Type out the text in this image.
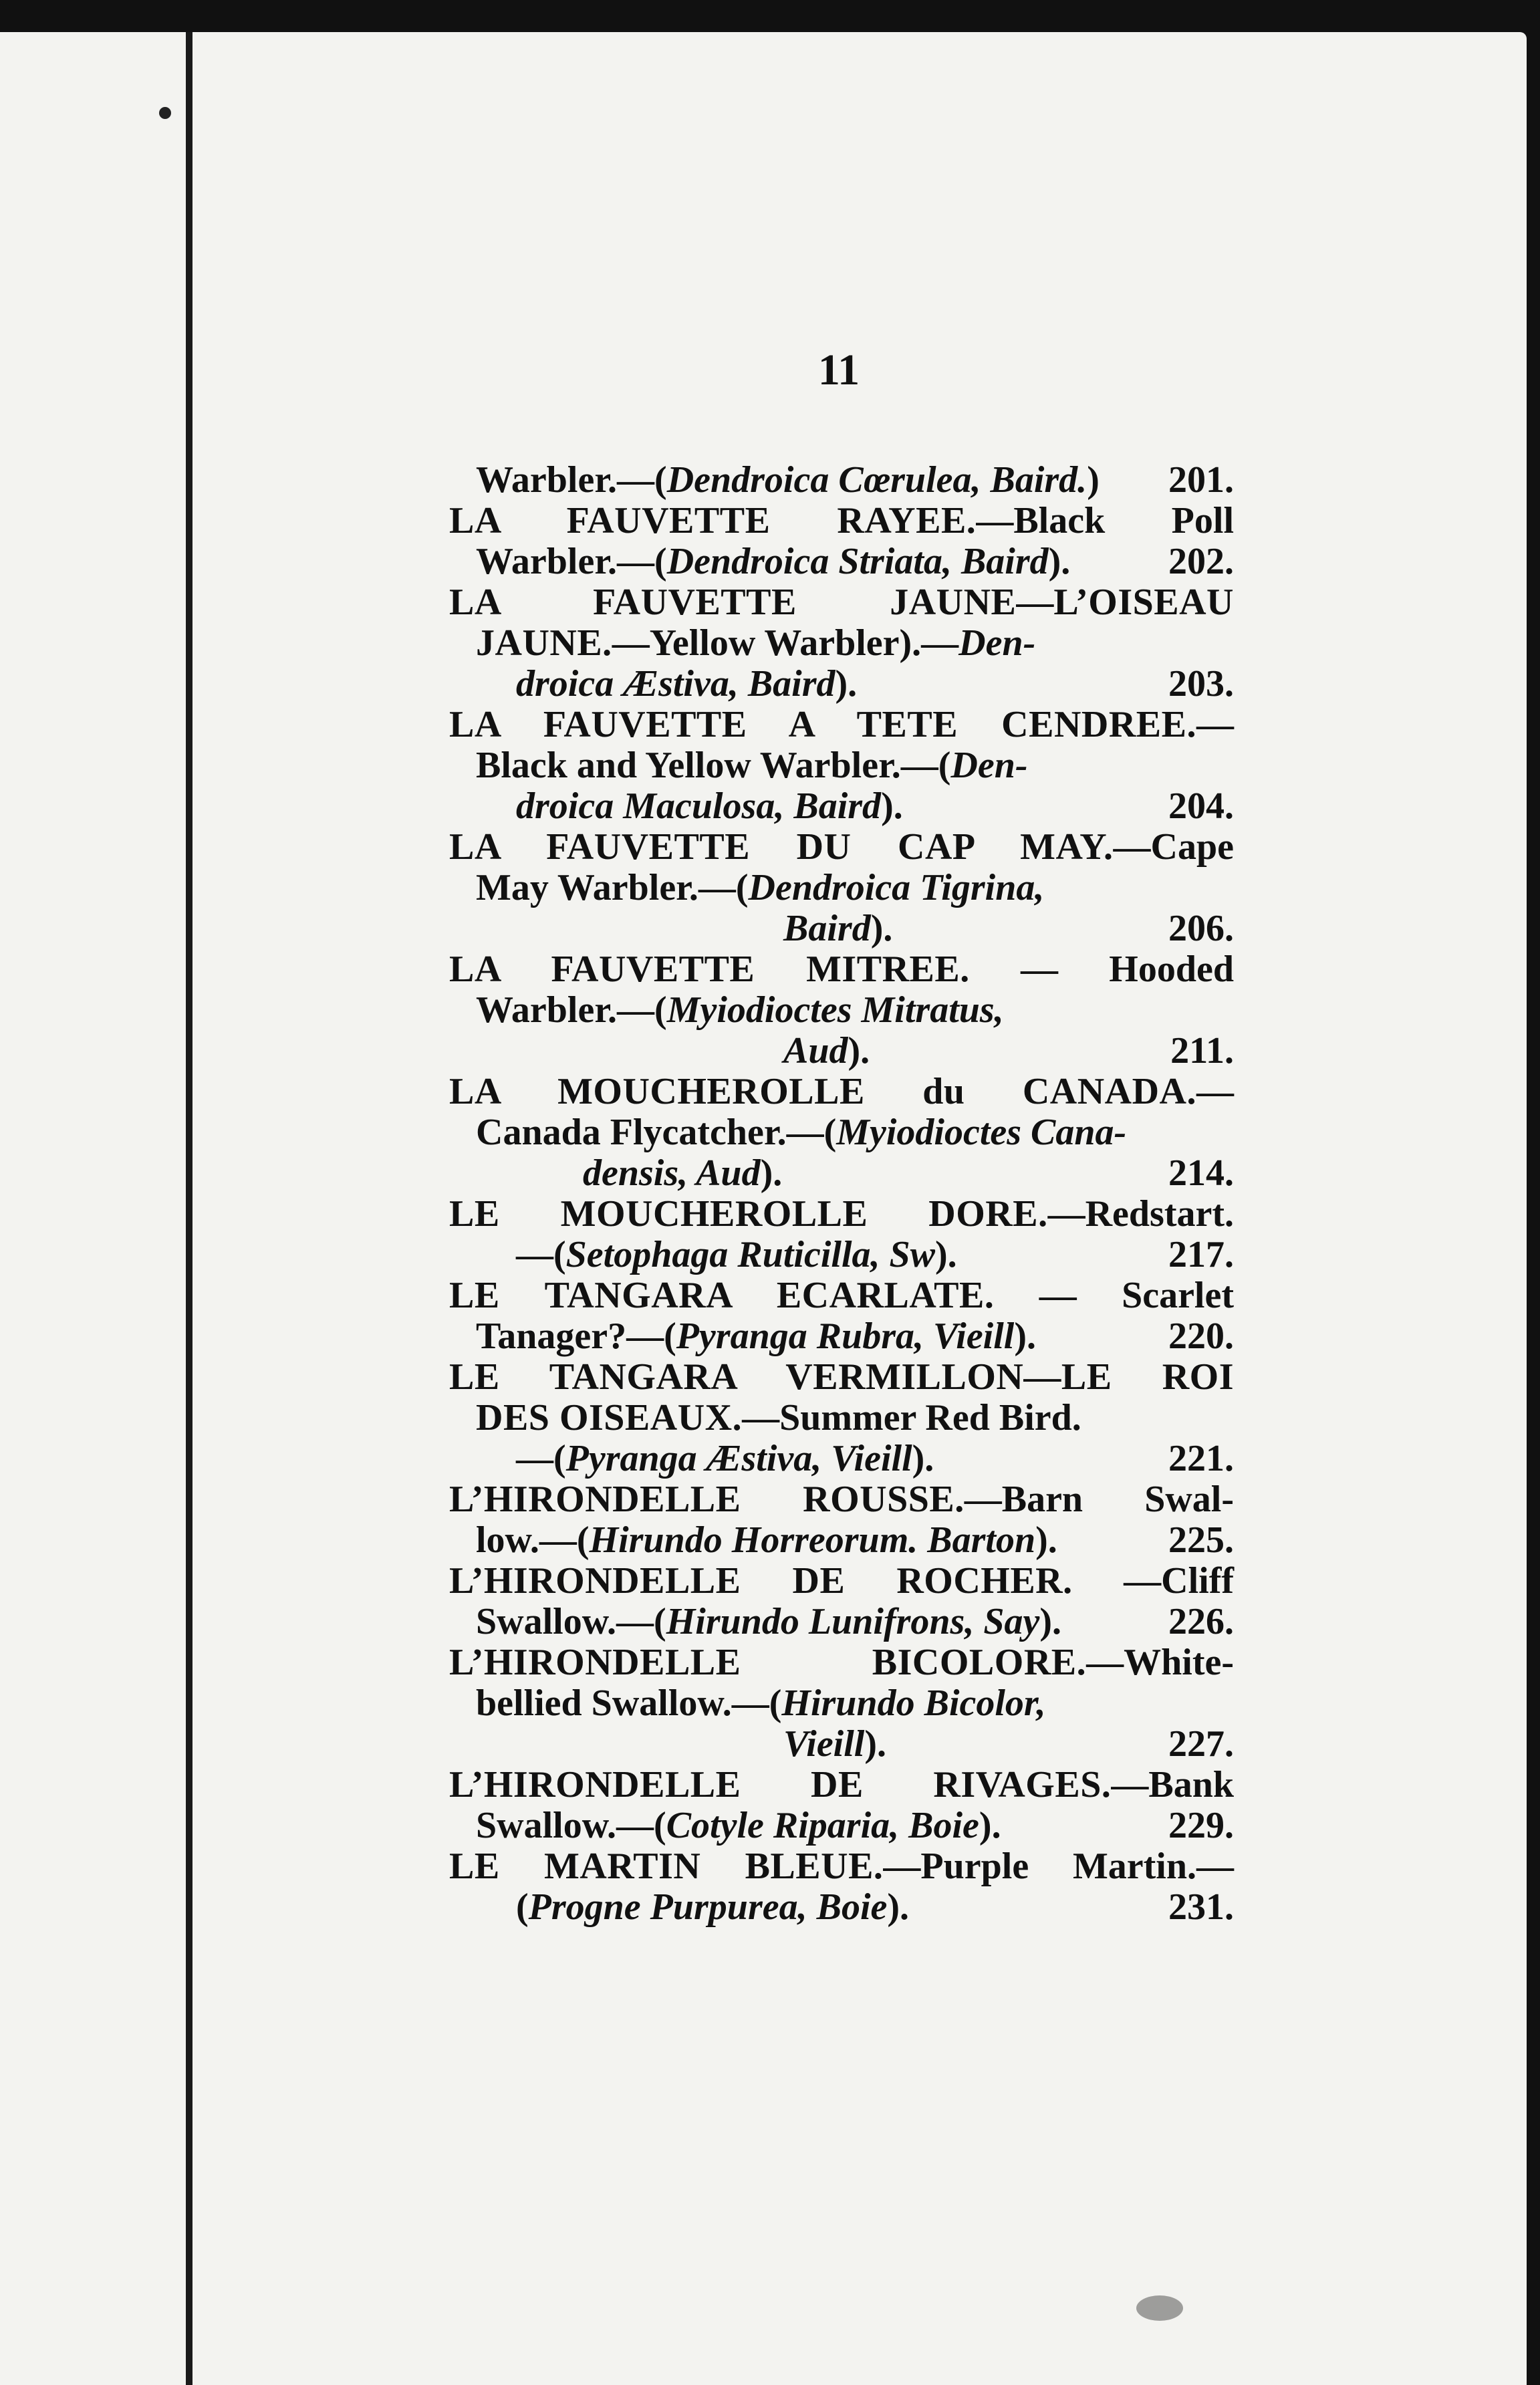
11
201.
Warbler.—(Dendroica Cœrulea, Baird.)
LA FAUVETTE RAYEE.—Black Poll
202.
Warbler.—(Dendroica Striata, Baird).
LA FAUVETTE JAUNE—L’OISEAU
JAUNE.—Yellow Warbler).—Den-
203.
droica Æstiva, Baird).
LA FAUVETTE A TETE CENDREE.—
Black and Yellow Warbler.—(Den-
204.
droica Maculosa, Baird).
LA FAUVETTE DU CAP MAY.—Cape
May Warbler.—(Dendroica Tigrina,
206.
Baird).
LA FAUVETTE MITREE. — Hooded
Warbler.—(Myiodioctes Mitratus,
211.
Aud).
LA MOUCHEROLLE du CANADA.—
Canada Flycatcher.—(Myiodioctes Cana-
214.
densis, Aud).
LE MOUCHEROLLE DORE.—Redstart.
217.
—(Setophaga Ruticilla, Sw).
LE TANGARA ECARLATE. — Scarlet
220.
Tanager?—(Pyranga Rubra, Vieill).
LE TANGARA VERMILLON—LE ROI
DES OISEAUX.—Summer Red Bird.
221.
—(Pyranga Æstiva, Vieill).
L’HIRONDELLE ROUSSE.—Barn Swal-
225.
low.—(Hirundo Horreorum. Barton).
L’HIRONDELLE DE ROCHER. —Cliff
226.
Swallow.—(Hirundo Lunifrons, Say).
L’HIRONDELLE BICOLORE.—White-
bellied Swallow.—(Hirundo Bicolor,
227.
Vieill).
L’HIRONDELLE DE RIVAGES.—Bank
229.
Swallow.—(Cotyle Riparia, Boie).
LE MARTIN BLEUE.—Purple Martin.—
231.
(Progne Purpurea, Boie).
